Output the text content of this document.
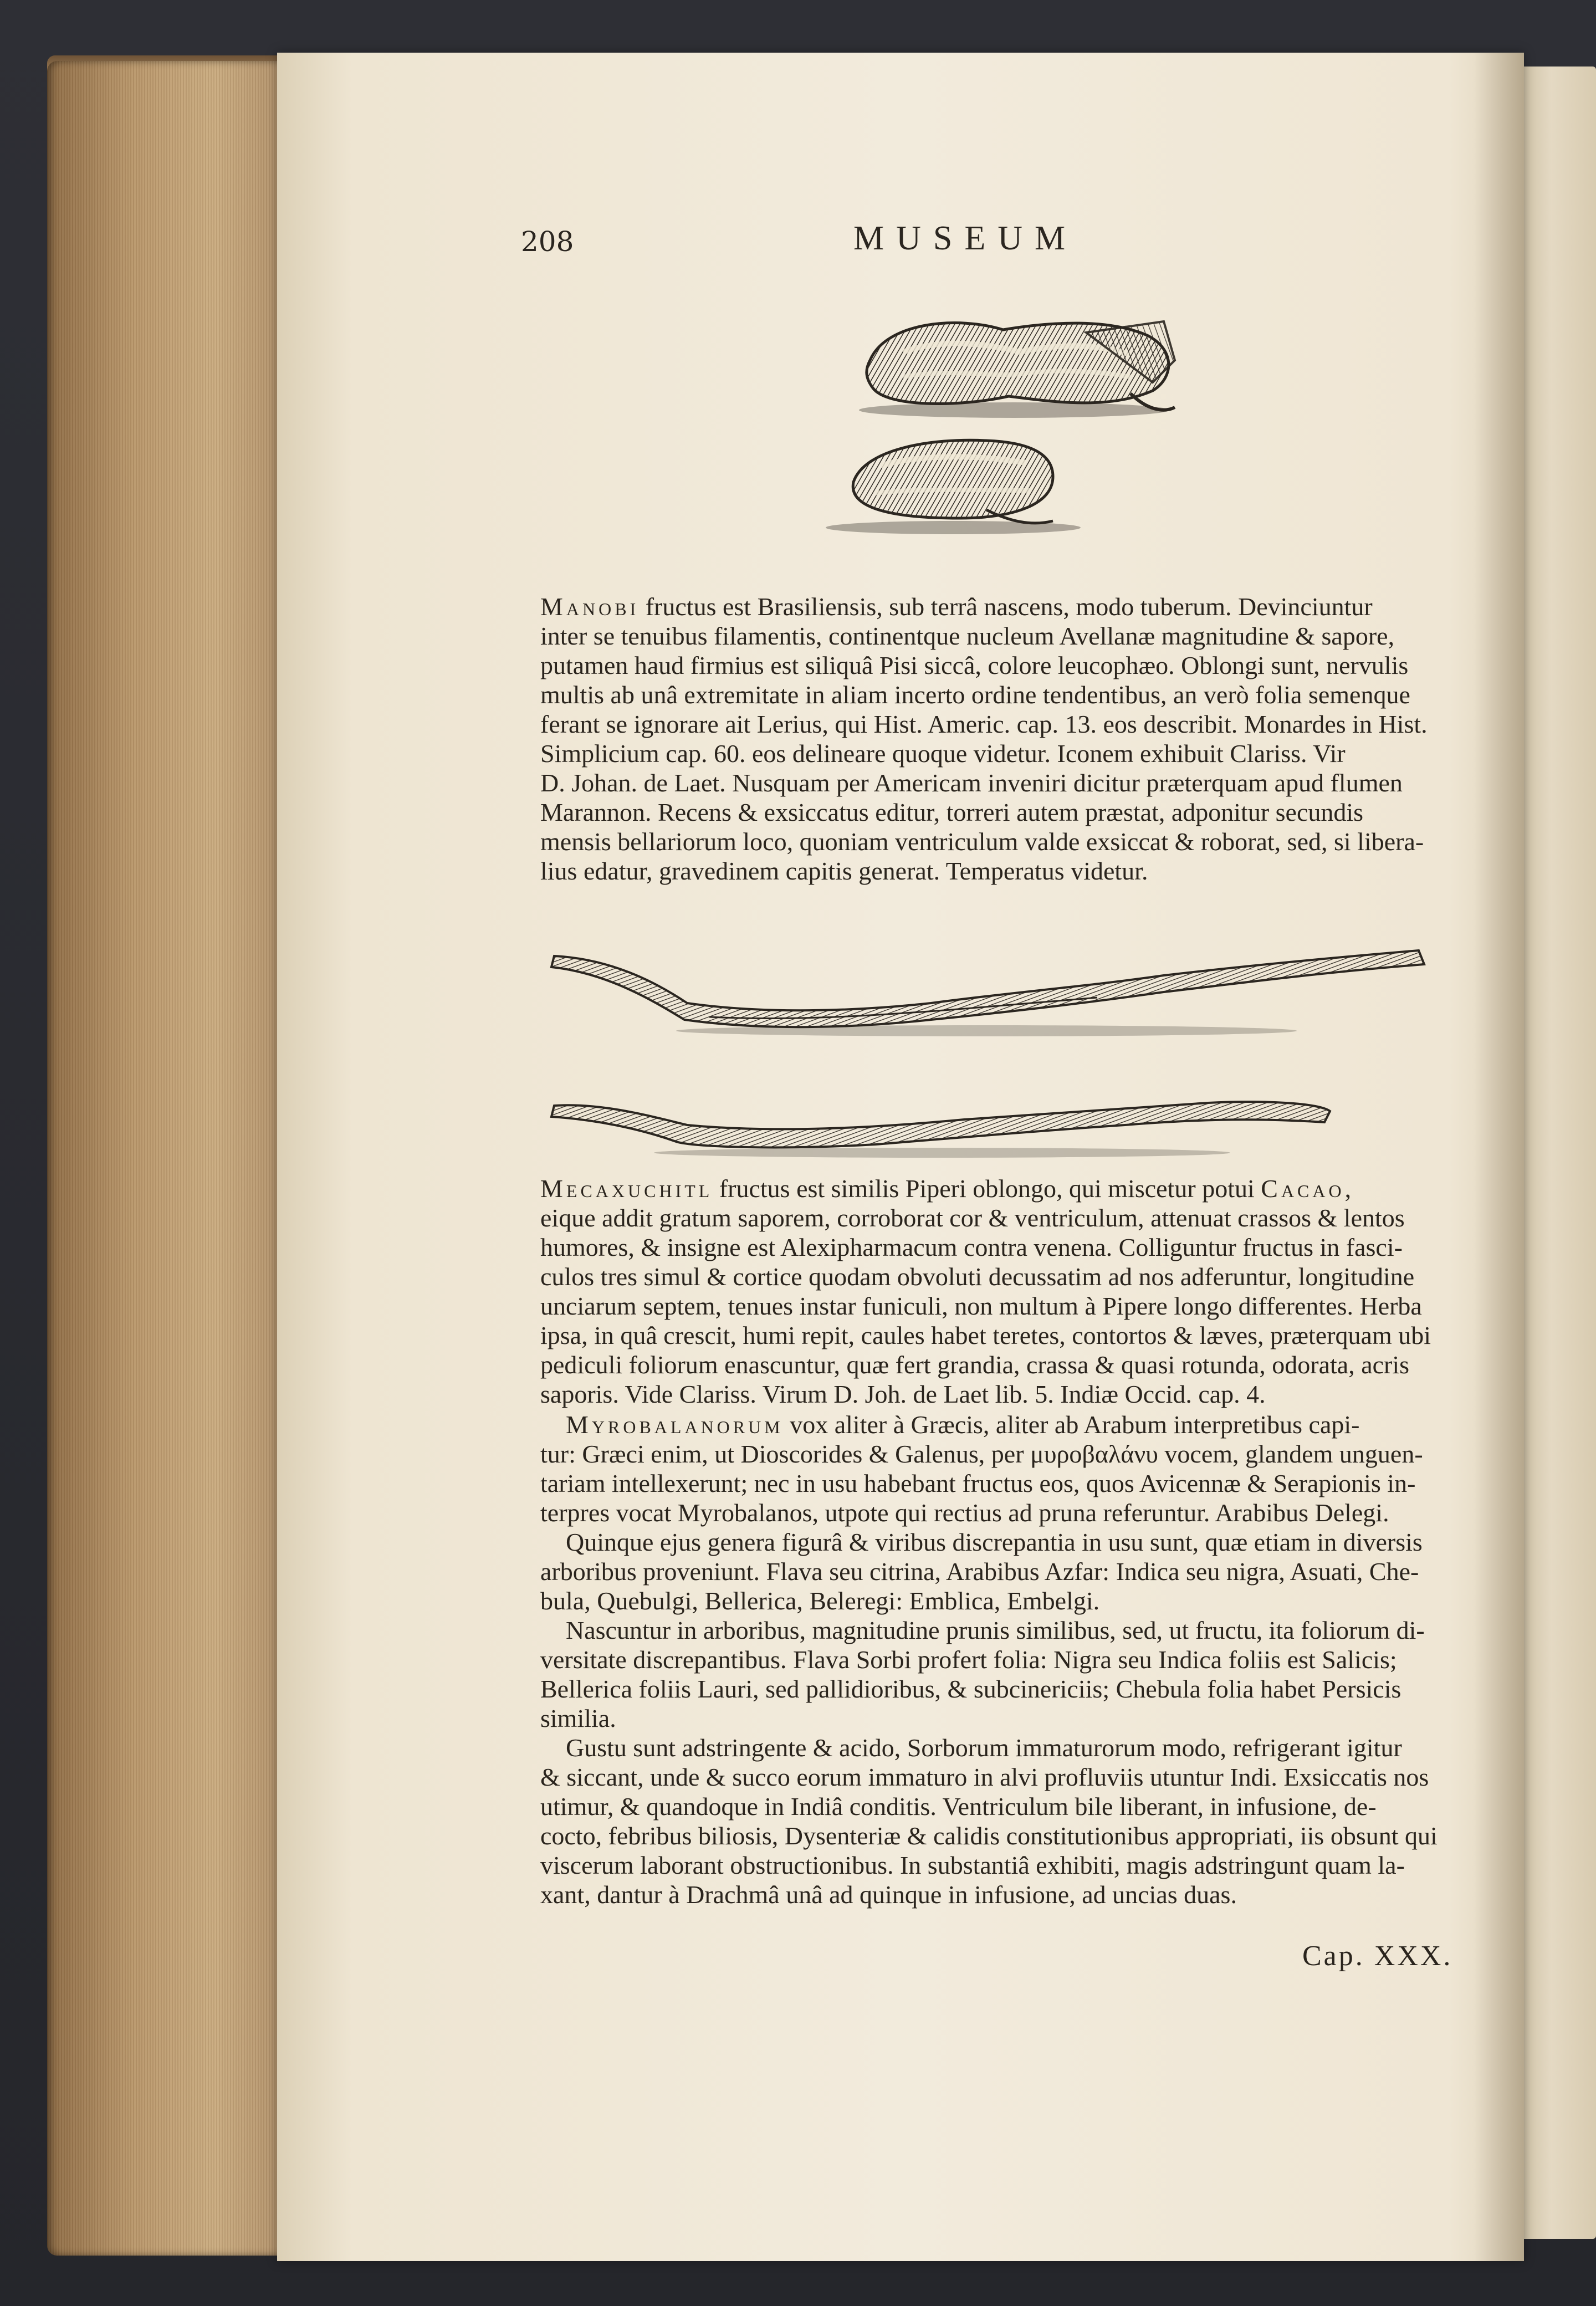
208	MUSEUM
Manobi fructus est Brasiliensis, sub terrâ nascens, modo tuberum. Devinciuntur
inter se tenuibus filamentis, continentque nucleum Avellanæ magnitudine & sapore,
putamen haud firmius est siliquâ Pisi siccâ, colore leucophæo. Oblongi sunt, nervulis
multis ab unâ extremitate in aliam incerto ordine tendentibus, an verò folia semenque
ferant se ignorare ait Lerius, qui Hist. Americ. cap. 13. eos describit. Monardes in Hist.
Simplicium cap. 60. eos delineare quoque videtur. Iconem exhibuit Clariss. Vir
D. Johan. de Laet. Nusquam per Americam inveniri dicitur præterquam apud flumen
Marannon. Recens & exsiccatus editur, torreri autem præstat, adponitur secundis
mensis bellariorum loco, quoniam ventriculum valde exsiccat & roborat, sed, si libera-
lius edatur, gravedinem capitis generat. Temperatus videtur.
Mecaxuchitl fructus est similis Piperi oblongo, qui miscetur potui Cacao,
eique addit gratum saporem, corroborat cor & ventriculum, attenuat crassos & lentos
humores, & insigne est Alexipharmacum contra venena. Colliguntur fructus in fasci-
culos tres simul & cortice quodam obvoluti decussatim ad nos adferuntur, longitudine
unciarum septem, tenues instar funiculi, non multum à Pipere longo differentes. Herba
ipsa, in quâ crescit, humi repit, caules habet teretes, contortos & læves, præterquam ubi
pediculi foliorum enascuntur, quæ fert grandia, crassa & quasi rotunda, odorata, acris
saporis. Vide Clariss. Virum D. Joh. de Laet lib. 5. Indiæ Occid. cap. 4.
 Myrobalanorum vox aliter à Græcis, aliter ab Arabum interpretibus capi-
tur: Græci enim, ut Dioscorides & Galenus, per μυροβαλάνυ vocem, glandem unguen-
tariam intellexerunt; nec in usu habebant fructus eos, quos Avicennæ & Serapionis in-
terpres vocat Myrobalanos, utpote qui rectius ad pruna referuntur. Arabibus Delegi.
 Quinque ejus genera figurâ & viribus discrepantia in usu sunt, quæ etiam in diversis
arboribus proveniunt. Flava seu citrina, Arabibus Azfar: Indica seu nigra, Asuati, Che-
bula, Quebulgi, Bellerica, Beleregi: Emblica, Embelgi.
 Nascuntur in arboribus, magnitudine prunis similibus, sed, ut fructu, ita foliorum di-
versitate discrepantibus. Flava Sorbi profert folia: Nigra seu Indica foliis est Salicis;
Bellerica foliis Lauri, sed pallidioribus, & subcinericiis; Chebula folia habet Persicis
similia.
 Gustu sunt adstringente & acido, Sorborum immaturorum modo, refrigerant igitur
& siccant, unde & succo eorum immaturo in alvi profluviis utuntur Indi. Exsiccatis nos
utimur, & quandoque in Indiâ conditis. Ventriculum bile liberant, in infusione, de-
cocto, febribus biliosis, Dysenteriæ & calidis constitutionibus appropriati, iis obsunt qui
viscerum laborant obstructionibus. In substantiâ exhibiti, magis adstringunt quam la-
xant, dantur à Drachmâ unâ ad quinque in infusione, ad uncias duas.
Cap. XXX.
